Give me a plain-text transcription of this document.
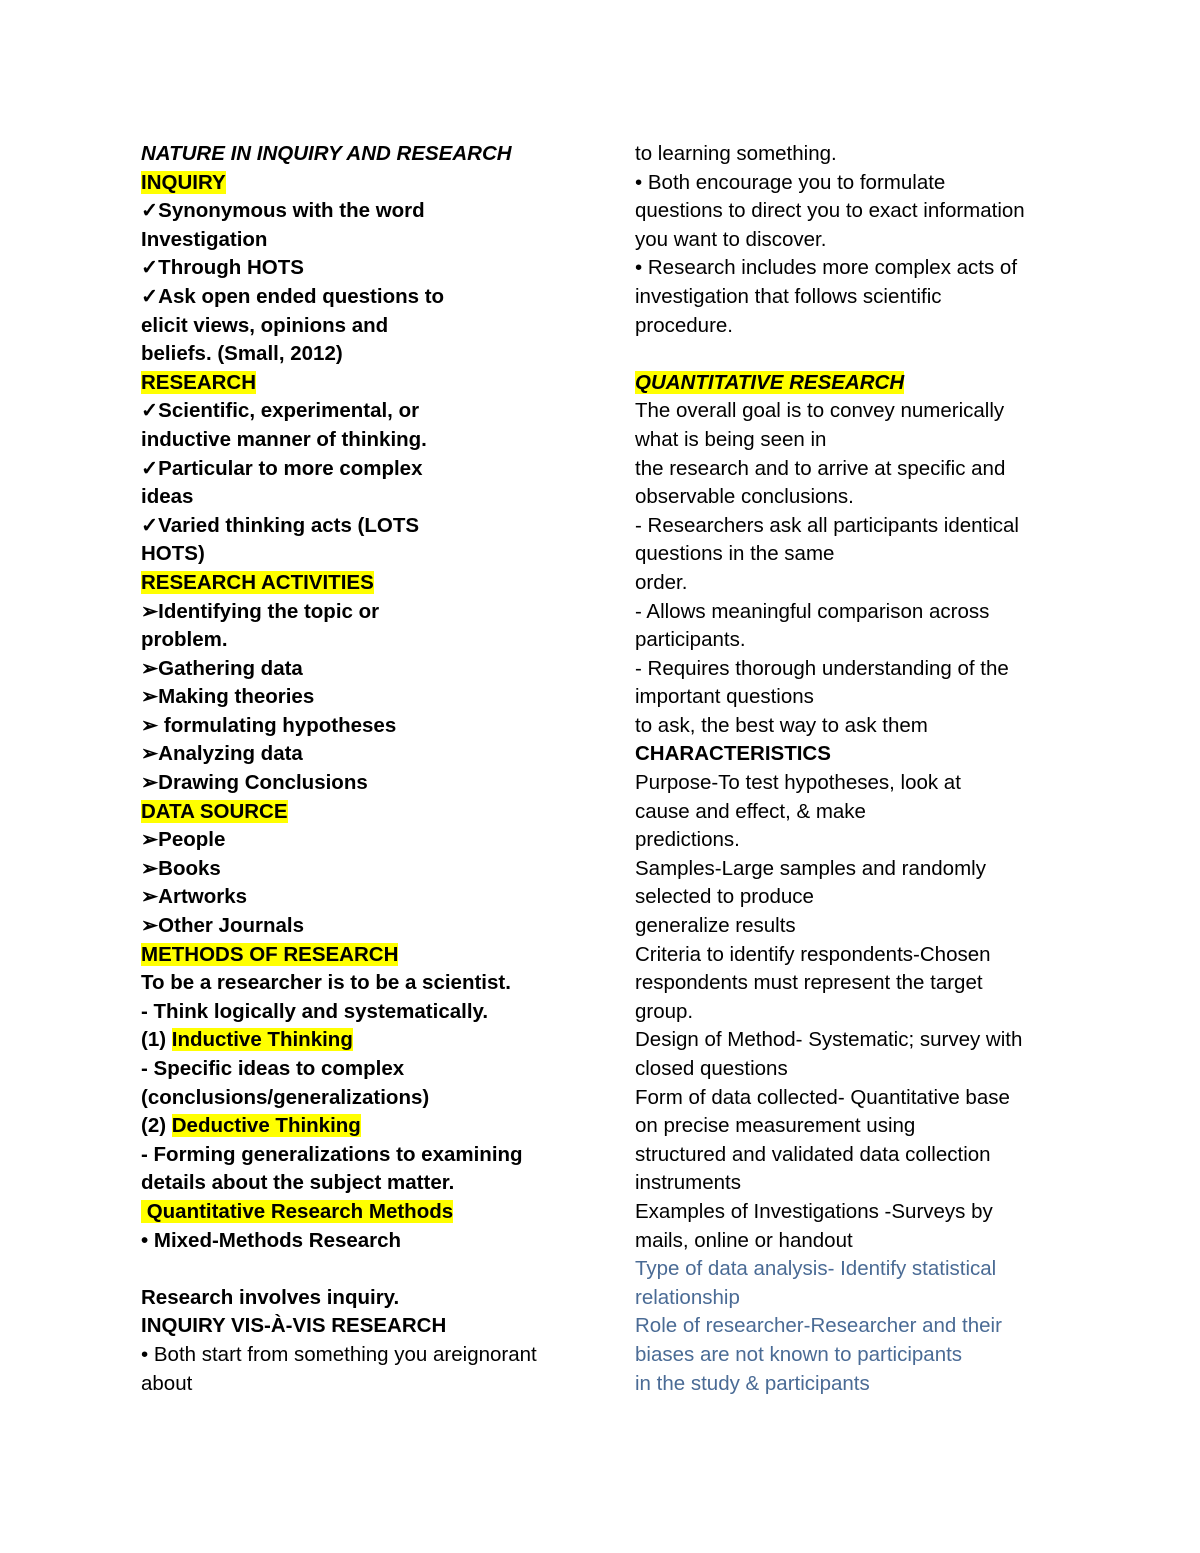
NATURE IN INQUIRY AND RESEARCH
INQUIRY
✓Synonymous with the word
Investigation
✓Through HOTS
✓Ask open ended questions to
elicit views, opinions and
beliefs. (Small, 2012)
RESEARCH
✓Scientific, experimental, or
inductive manner of thinking.
✓Particular to more complex
ideas
✓Varied thinking acts (LOTS
HOTS)
RESEARCH ACTIVITIES
➢Identifying the topic or
problem.
➢Gathering data
➢Making theories
➢ formulating hypotheses
➢Analyzing data
➢Drawing Conclusions
DATA SOURCE
➢People
➢Books
➢Artworks
➢Other Journals
METHODS OF RESEARCH
To be a researcher is to be a scientist.
- Think logically and systematically.
(1) Inductive Thinking
- Specific ideas to complex
(conclusions/generalizations)
(2) Deductive Thinking
- Forming generalizations to examining
details about the subject matter.
Quantitative Research Methods
• Mixed-Methods Research
Research involves inquiry.
INQUIRY VIS-À-VIS RESEARCH
• Both start from something you areignorant
about
to learning something.
• Both encourage you to formulate
questions to direct you to exact information
you want to discover.
• Research includes more complex acts of
investigation that follows scientific
procedure.
QUANTITATIVE RESEARCH
The overall goal is to convey numerically
what is being seen in
the research and to arrive at specific and
observable conclusions.
- Researchers ask all participants identical
questions in the same
order.
- Allows meaningful comparison across
participants.
- Requires thorough understanding of the
important questions
to ask, the best way to ask them
CHARACTERISTICS
Purpose-To test hypotheses, look at
cause and effect, & make
predictions.
Samples-Large samples and randomly
selected to produce
generalize results
Criteria to identify respondents-Chosen
respondents must represent the target
group.
Design of Method- Systematic; survey with
closed questions
Form of data collected- Quantitative base
on precise measurement using
structured and validated data collection
instruments
Examples of Investigations -Surveys by
mails, online or handout
Type of data analysis- Identify statistical
relationship
Role of researcher-Researcher and their
biases are not known to participants
in the study & participants
